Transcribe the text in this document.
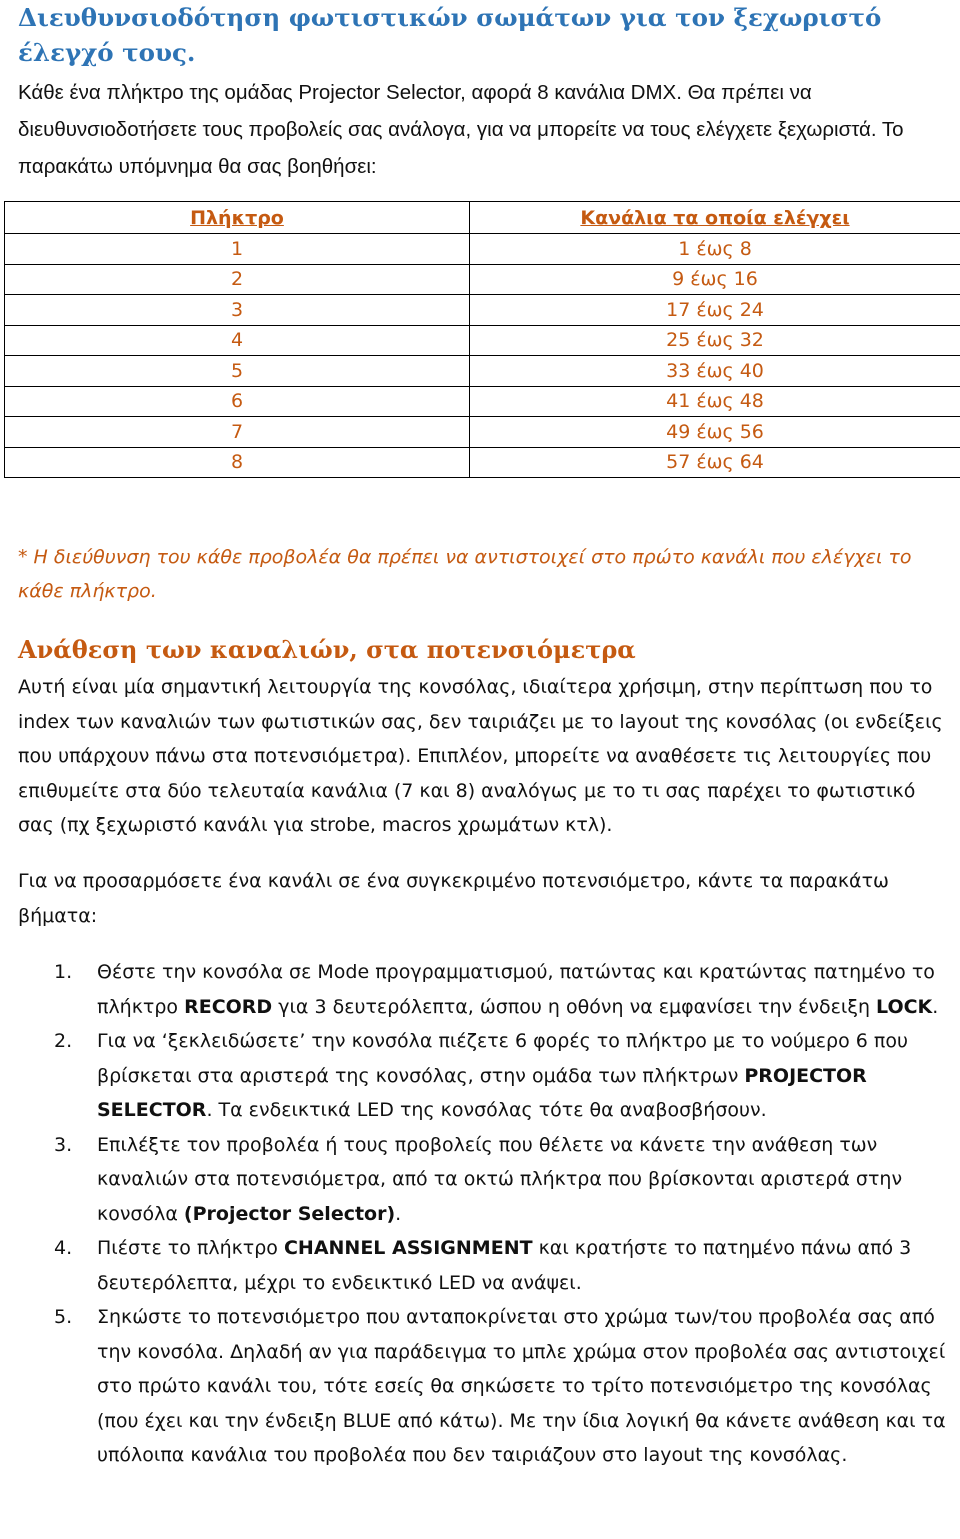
Διευθυνσιοδότηση φωτιστικών σωμάτων για τον ξεχωριστό έλεγχό τους.
Κάθε ένα πλήκτρο της ομάδας Projector Selector, αφορά 8 κανάλια DMX. Θα πρέπει να διευθυνσιοδοτήσετε τους προβολείς σας ανάλογα, για να μπορείτε να τους ελέγχετε ξεχωριστά. Το παρακάτω υπόμνημα θα σας βοηθήσει:
Πλήκτρο	Κανάλια τα οποία ελέγχει
1	1 έως 8
2	9 έως 16
3	17 έως 24
4	25 έως 32
5	33 έως 40
6	41 έως 48
7	49 έως 56
8	57 έως 64
* Η διεύθυνση του κάθε προβολέα θα πρέπει να αντιστοιχεί στο πρώτο κανάλι που ελέγχει το κάθε πλήκτρο.
Ανάθεση των καναλιών, στα ποτενσιόμετρα
Αυτή είναι μία σημαντική λειτουργία της κονσόλας, ιδιαίτερα χρήσιμη, στην περίπτωση που το index των καναλιών των φωτιστικών σας, δεν ταιριάζει με το layout της κονσόλας (οι ενδείξεις που υπάρχουν πάνω στα ποτενσιόμετρα). Επιπλέον, μπορείτε να αναθέσετε τις λειτουργίες που επιθυμείτε στα δύο τελευταία κανάλια (7 και 8) αναλόγως με το τι σας παρέχει το φωτιστικό σας (πχ ξεχωριστό κανάλι για strobe, macros χρωμάτων κτλ).
Για να προσαρμόσετε ένα κανάλι σε ένα συγκεκριμένο ποτενσιόμετρο, κάντε τα παρακάτω βήματα:
1. Θέστε την κονσόλα σε Mode προγραμματισμού, πατώντας και κρατώντας πατημένο το πλήκτρο RECORD για 3 δευτερόλεπτα, ώσπου η οθόνη να εμφανίσει την ένδειξη LOCK.
2. Για να ‘ξεκλειδώσετε’ την κονσόλα πιέζετε 6 φορές το πλήκτρο με το νούμερο 6 που βρίσκεται στα αριστερά της κονσόλας, στην ομάδα των πλήκτρων PROJECTOR SELECTOR. Τα ενδεικτικά LED της κονσόλας τότε θα αναβοσβήσουν.
3. Επιλέξτε τον προβολέα ή τους προβολείς που θέλετε να κάνετε την ανάθεση των καναλιών στα ποτενσιόμετρα, από τα οκτώ πλήκτρα που βρίσκονται αριστερά στην κονσόλα (Projector Selector).
4. Πιέστε το πλήκτρο CHANNEL ASSIGNMENT και κρατήστε το πατημένο πάνω από 3 δευτερόλεπτα, μέχρι το ενδεικτικό LED να ανάψει.
5. Σηκώστε το ποτενσιόμετρο που ανταποκρίνεται στο χρώμα των/του προβολέα σας από την κονσόλα. Δηλαδή αν για παράδειγμα το μπλε χρώμα στον προβολέα σας αντιστοιχεί στο πρώτο κανάλι του, τότε εσείς θα σηκώσετε το τρίτο ποτενσιόμετρο της κονσόλας (που έχει και την ένδειξη BLUE από κάτω). Με την ίδια λογική θα κάνετε ανάθεση και τα υπόλοιπα κανάλια του προβολέα που δεν ταιριάζουν στο layout της κονσόλας.
